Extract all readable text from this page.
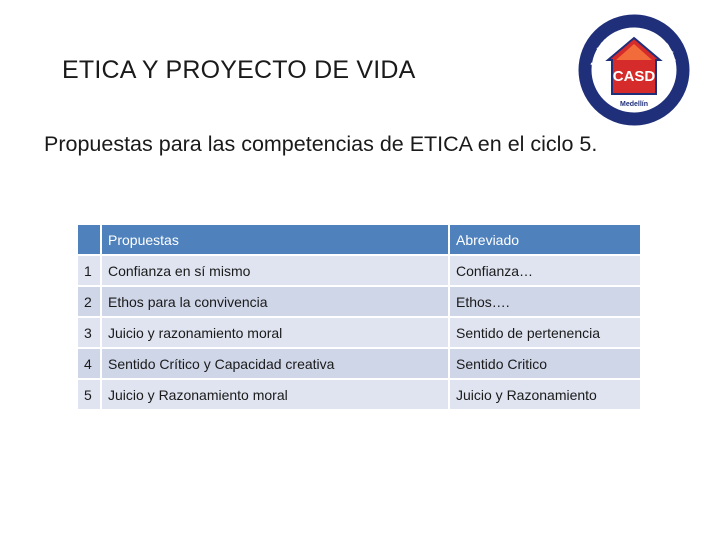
ETICA Y PROYECTO DE VIDA	José María Espinosa Prieto
Medellín
CASD
Propuestas para las competencias de ETICA en el ciclo 5.
	Propuestas	Abreviado
1	Confianza en sí mismo	Confianza…
2	Ethos para la convivencia	Ethos….
3	Juicio y razonamiento moral	Sentido de pertenencia
4	Sentido Crítico y Capacidad creativa	Sentido Critico
5	Juicio y Razonamiento moral	Juicio y Razonamiento
